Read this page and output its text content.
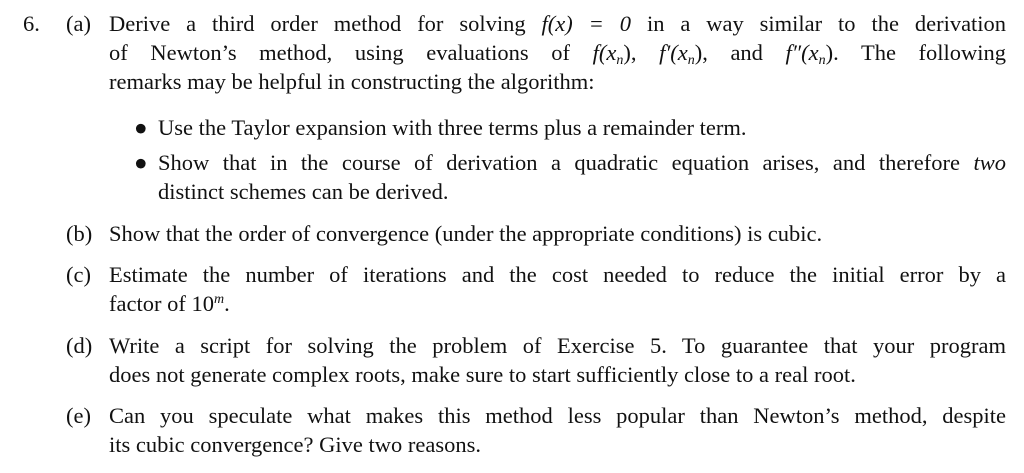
6. (a) Derive a third order method for solving f(x) = 0 in a way similar to the derivation
of Newton’s method, using evaluations of $f(x_n)$, $f'(x_n)$, and $f''(x_n)$. The following
remarks may be helpful in constructing the algorithm:
● Use the Taylor expansion with three terms plus a remainder term.
● Show that in the course of derivation a quadratic equation arises, and therefore two
distinct schemes can be derived.
(b) Show that the order of convergence (under the appropriate conditions) is cubic.
(c) Estimate the number of iterations and the cost needed to reduce the initial error by a
factor of 10$^m$.
(d) Write a script for solving the problem of Exercise 5. To guarantee that your program
does not generate complex roots, make sure to start sufficiently close to a real root.
(e) Can you speculate what makes this method less popular than Newton’s method, despite
its cubic convergence? Give two reasons.
